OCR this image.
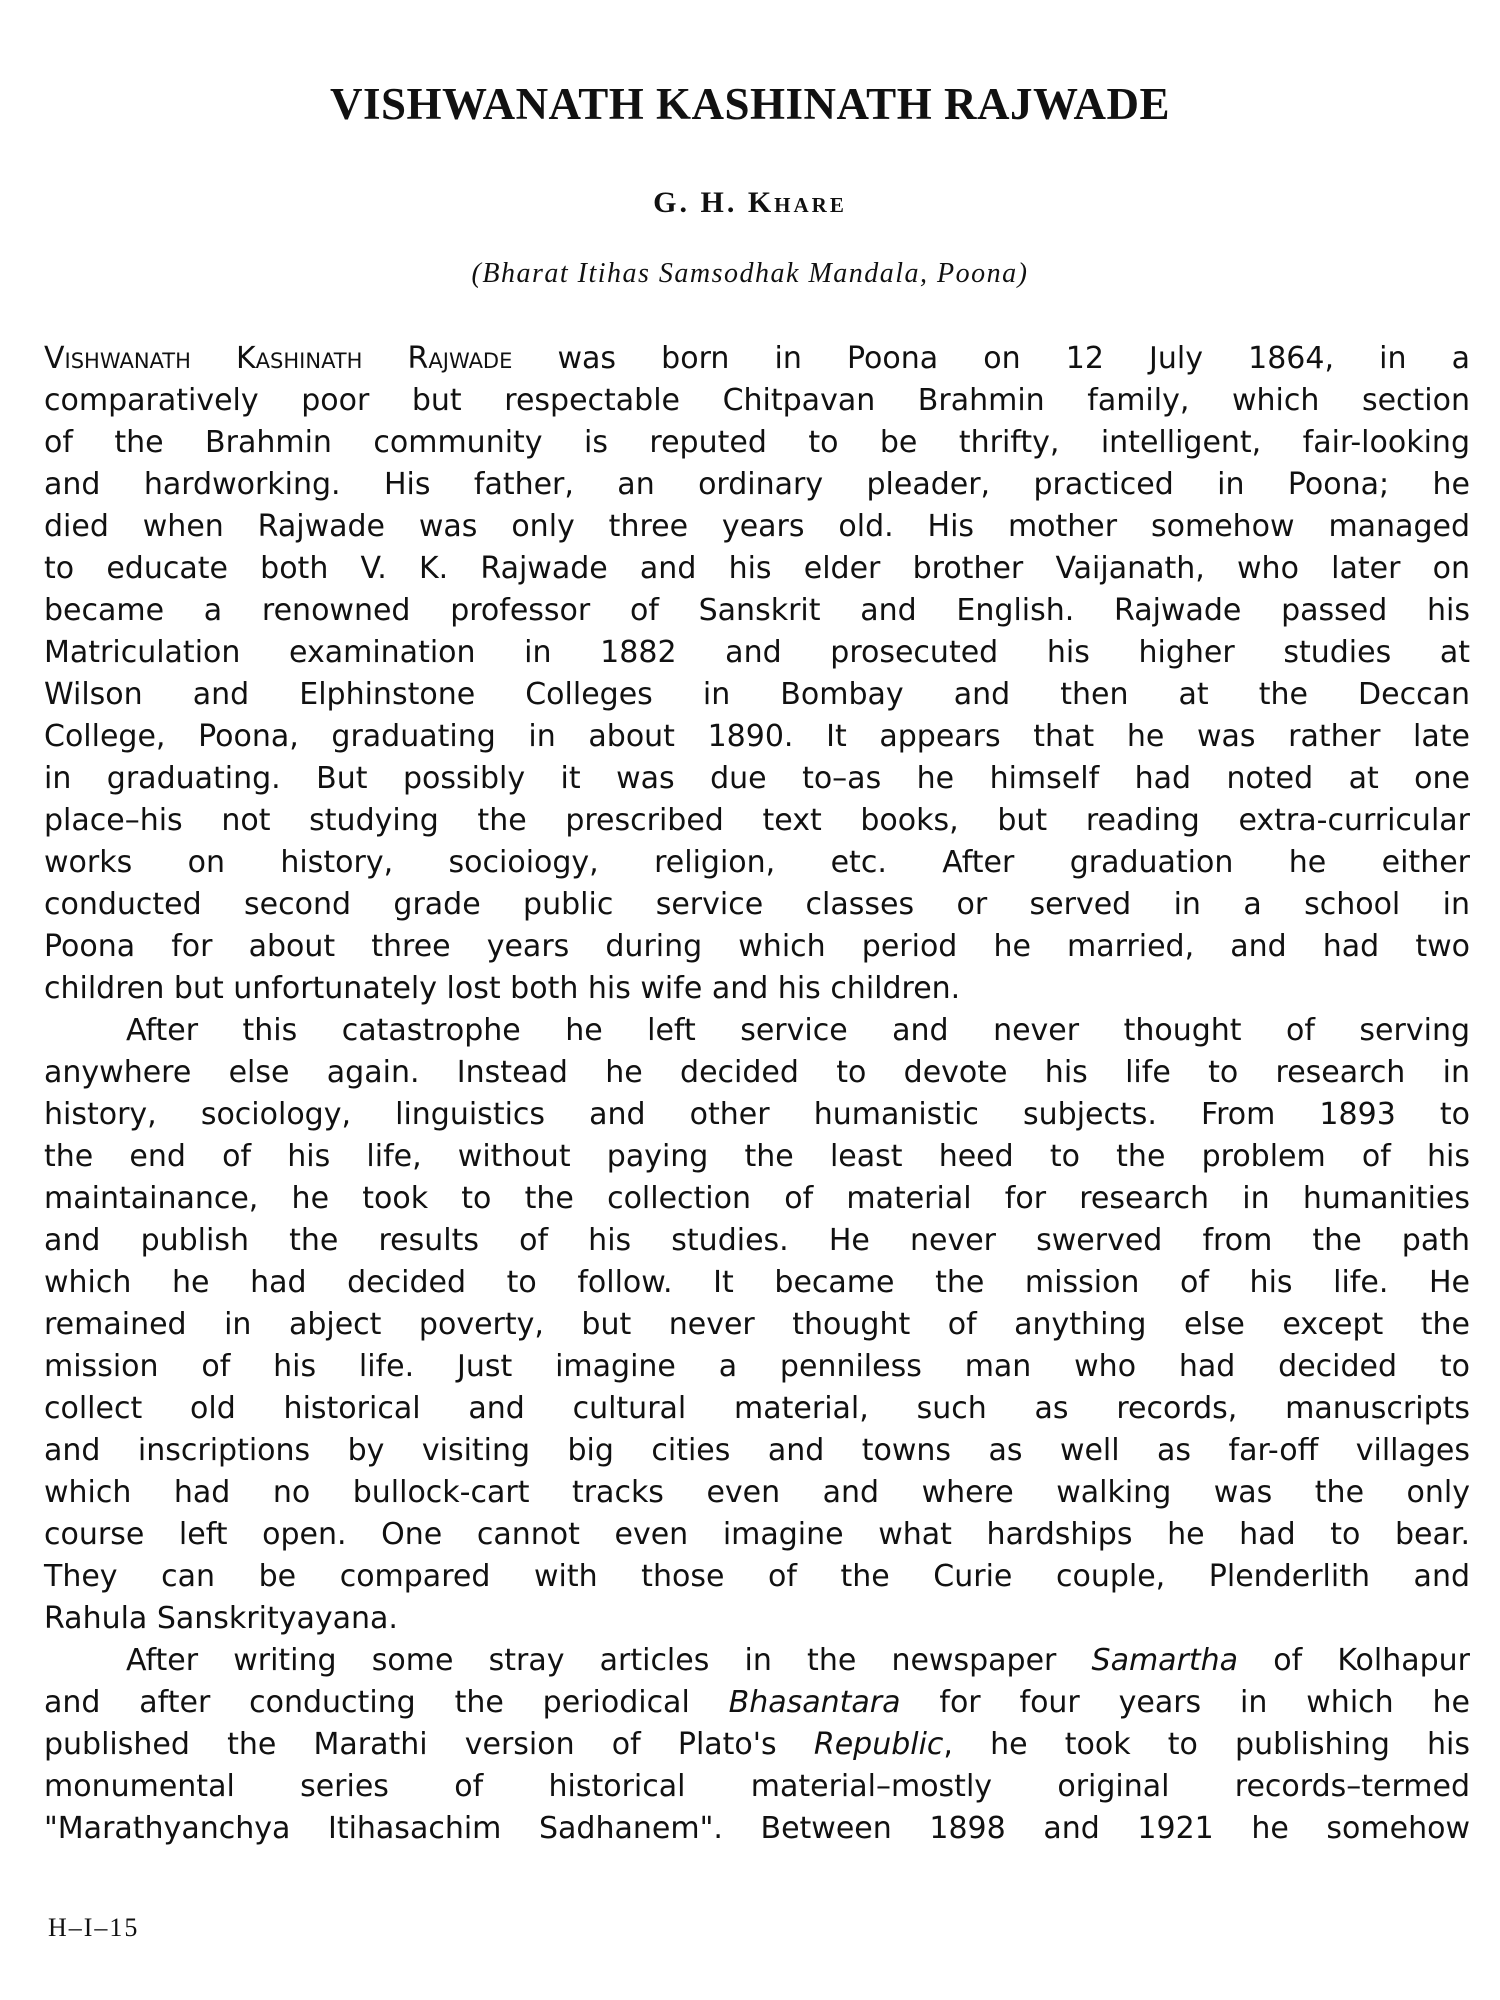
VISHWANATH KASHINATH RAJWADE
G. H. Khare
(Bharat Itihas Samsodhak Mandala, Poona)
Vishwanath Kashinath Rajwade was born in Poona on 12 July 1864, in a
comparatively poor but respectable Chitpavan Brahmin family, which section
of the Brahmin community is reputed to be thrifty, intelligent, fair-looking
and hardworking. His father, an ordinary pleader, practiced in Poona; he
died when Rajwade was only three years old. His mother somehow managed
to educate both V. K. Rajwade and his elder brother Vaijanath, who later on
became a renowned professor of Sanskrit and English. Rajwade passed his
Matriculation examination in 1882 and prosecuted his higher studies at
Wilson and Elphinstone Colleges in Bombay and then at the Deccan
College, Poona, graduating in about 1890. It appears that he was rather late
in graduating. But possibly it was due to–as he himself had noted at one
place–his not studying the prescribed text books, but reading extra-curricular
works on history, socioiogy, religion, etc. After graduation he either
conducted second grade public service classes or served in a school in
Poona for about three years during which period he married, and had two
children but unfortunately lost both his wife and his children.
After this catastrophe he left service and never thought of serving
anywhere else again. Instead he decided to devote his life to research in
history, sociology, linguistics and other humanistic subjects. From 1893 to
the end of his life, without paying the least heed to the problem of his
maintainance, he took to the collection of material for research in humanities
and publish the results of his studies. He never swerved from the path
which he had decided to follow. It became the mission of his life. He
remained in abject poverty, but never thought of anything else except the
mission of his life. Just imagine a penniless man who had decided to
collect old historical and cultural material, such as records, manuscripts
and inscriptions by visiting big cities and towns as well as far-off villages
which had no bullock-cart tracks even and where walking was the only
course left open. One cannot even imagine what hardships he had to bear.
They can be compared with those of the Curie couple, Plenderlith and
Rahula Sanskrityayana.
After writing some stray articles in the newspaper Samartha of Kolhapur
and after conducting the periodical Bhasantara for four years in which he
published the Marathi version of Plato's Republic, he took to publishing his
monumental series of historical material–mostly original records–termed
"Marathyanchya Itihasachim Sadhanem". Between 1898 and 1921 he somehow
H–I–15
